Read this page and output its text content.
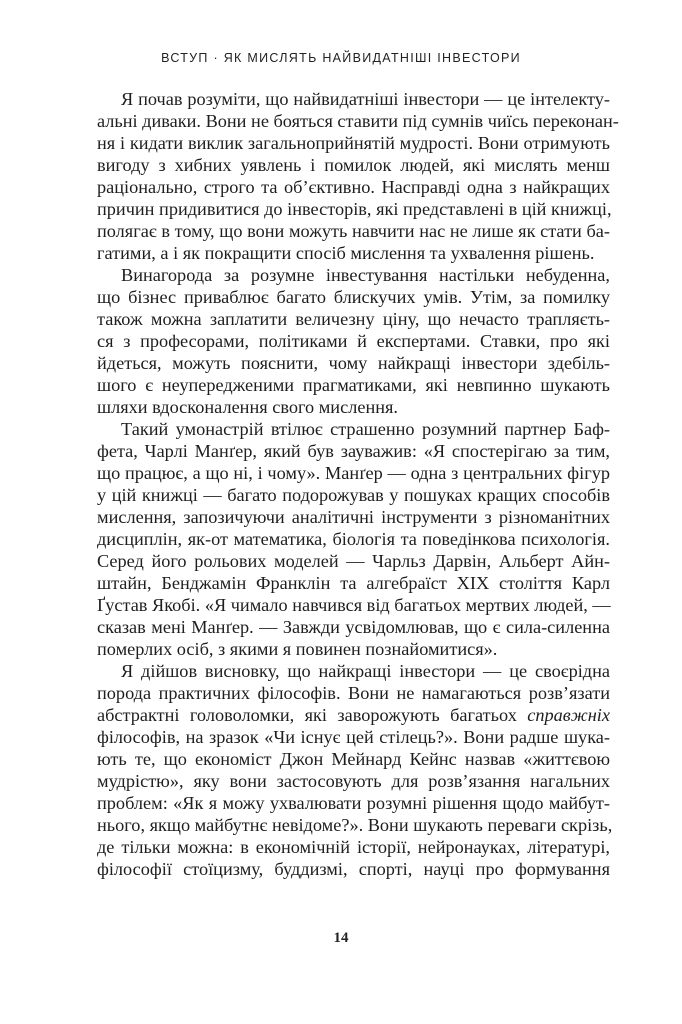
ВСТУП · ЯК МИСЛЯТЬ НАЙВИДАТНІШІ ІНВЕСТОРИ
Я почав розуміти, що найвидатніші інвестори — це інтелекту-
альні диваки. Вони не бояться ставити під сумнів чиїсь переконан-
ня і кидати виклик загальноприйнятій мудрості. Вони отримують
вигоду з хибних уявлень і помилок людей, які мислять менш
раціонально, строго та об’єктивно. Насправді одна з найкращих
причин придивитися до інвесторів, які представлені в цій книжці,
полягає в тому, що вони можуть навчити нас не лише як стати ба-
гатими, а і як покращити спосіб мислення та ухвалення рішень.
Винагорода за розумне інвестування настільки небуденна,
що бізнес приваблює багато блискучих умів. Утім, за помилку
також можна заплатити величезну ціну, що нечасто трапляєть-
ся з професорами, політиками й експертами. Ставки, про які
йдеться, можуть пояснити, чому найкращі інвестори здебіль-
шого є неупередженими прагматиками, які невпинно шукають
шляхи вдосконалення свого мислення.
Такий умонастрій втілює страшенно розумний партнер Баф-
фета, Чарлі Манґер, який був зауважив: «Я спостерігаю за тим,
що працює, а що ні, і чому». Манґер — одна з центральних фігур
у цій книжці — багато подорожував у пошуках кращих способів
мислення, запозичуючи аналітичні інструменти з різноманітних
дисциплін, як-от математика, біологія та поведінкова психологія.
Серед його рольових моделей — Чарльз Дарвін, Альберт Айн-
штайн, Бенджамін Франклін та алгебраїст XIX століття Карл
Ґустав Якобі. «Я чимало навчився від багатьох мертвих людей, —
сказав мені Манґер. — Завжди усвідомлював, що є сила-силенна
померлих осіб, з якими я повинен познайомитися».
Я дійшов висновку, що найкращі інвестори — це своєрідна
порода практичних філософів. Вони не намагаються розв’язати
абстрактні головоломки, які заворожують багатьох справжніх
філософів, на зразок «Чи існує цей стілець?». Вони радше шука-
ють те, що економіст Джон Мейнард Кейнс назвав «життєвою
мудрістю», яку вони застосовують для розв’язання нагальних
проблем: «Як я можу ухвалювати розумні рішення щодо майбут-
нього, якщо майбутнє невідоме?». Вони шукають переваги скрізь,
де тільки можна: в економічній історії, нейронауках, літературі,
філософії стоїцизму, буддизмі, спорті, науці про формування
14
